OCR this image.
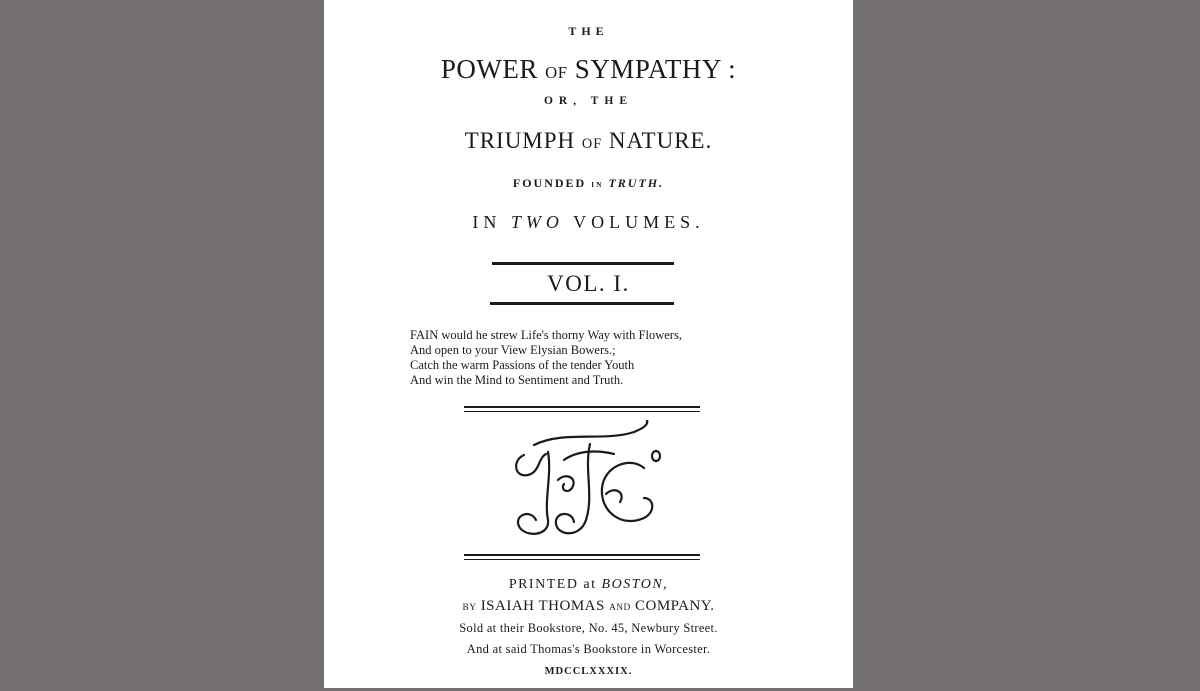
THE
POWER OF SYMPATHY :
OR, THE
TRIUMPH OF NATURE.
FOUNDED IN TRUTH.
IN TWO VOLUMES.
VOL. I.
FAIN would he strew Life's thorny Way with Flowers,
And open to your View Elysian Bowers.;
Catch the warm Passions of the tender Youth
And win the Mind to Sentiment and Truth.
PRINTED at BOSTON,
BY ISAIAH THOMAS AND COMPANY.
Sold at their Bookstore, No. 45, Newbury Street.
And at said Thomas's Bookstore in Worcester.
MDCCLXXXIX.
